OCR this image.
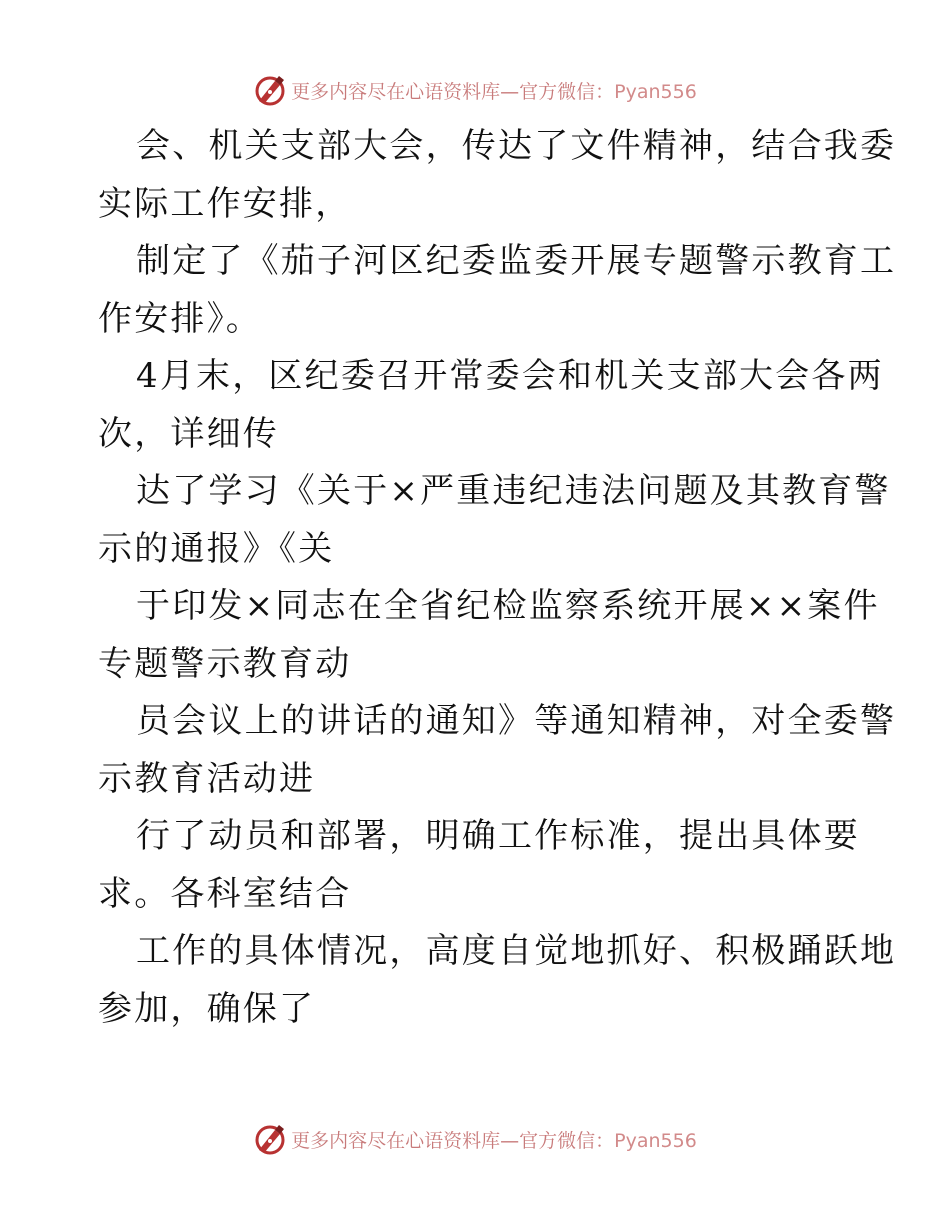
更多内容尽在心语资料库—官方微信：Pyan556
会、机关支部大会，传达了文件精神，结合我委
实际工作安排，
制定了《茄子河区纪委监委开展专题警示教育工
作安排》。
4月末，区纪委召开常委会和机关支部大会各两
次，详细传
达了学习《关于×严重违纪违法问题及其教育警
示的通报》《关
于印发×同志在全省纪检监察系统开展××案件
专题警示教育动
员会议上的讲话的通知》等通知精神，对全委警
示教育活动进
行了动员和部署，明确工作标准，提出具体要
求。各科室结合
工作的具体情况，高度自觉地抓好、积极踊跃地
参加，确保了
更多内容尽在心语资料库—官方微信：Pyan556
